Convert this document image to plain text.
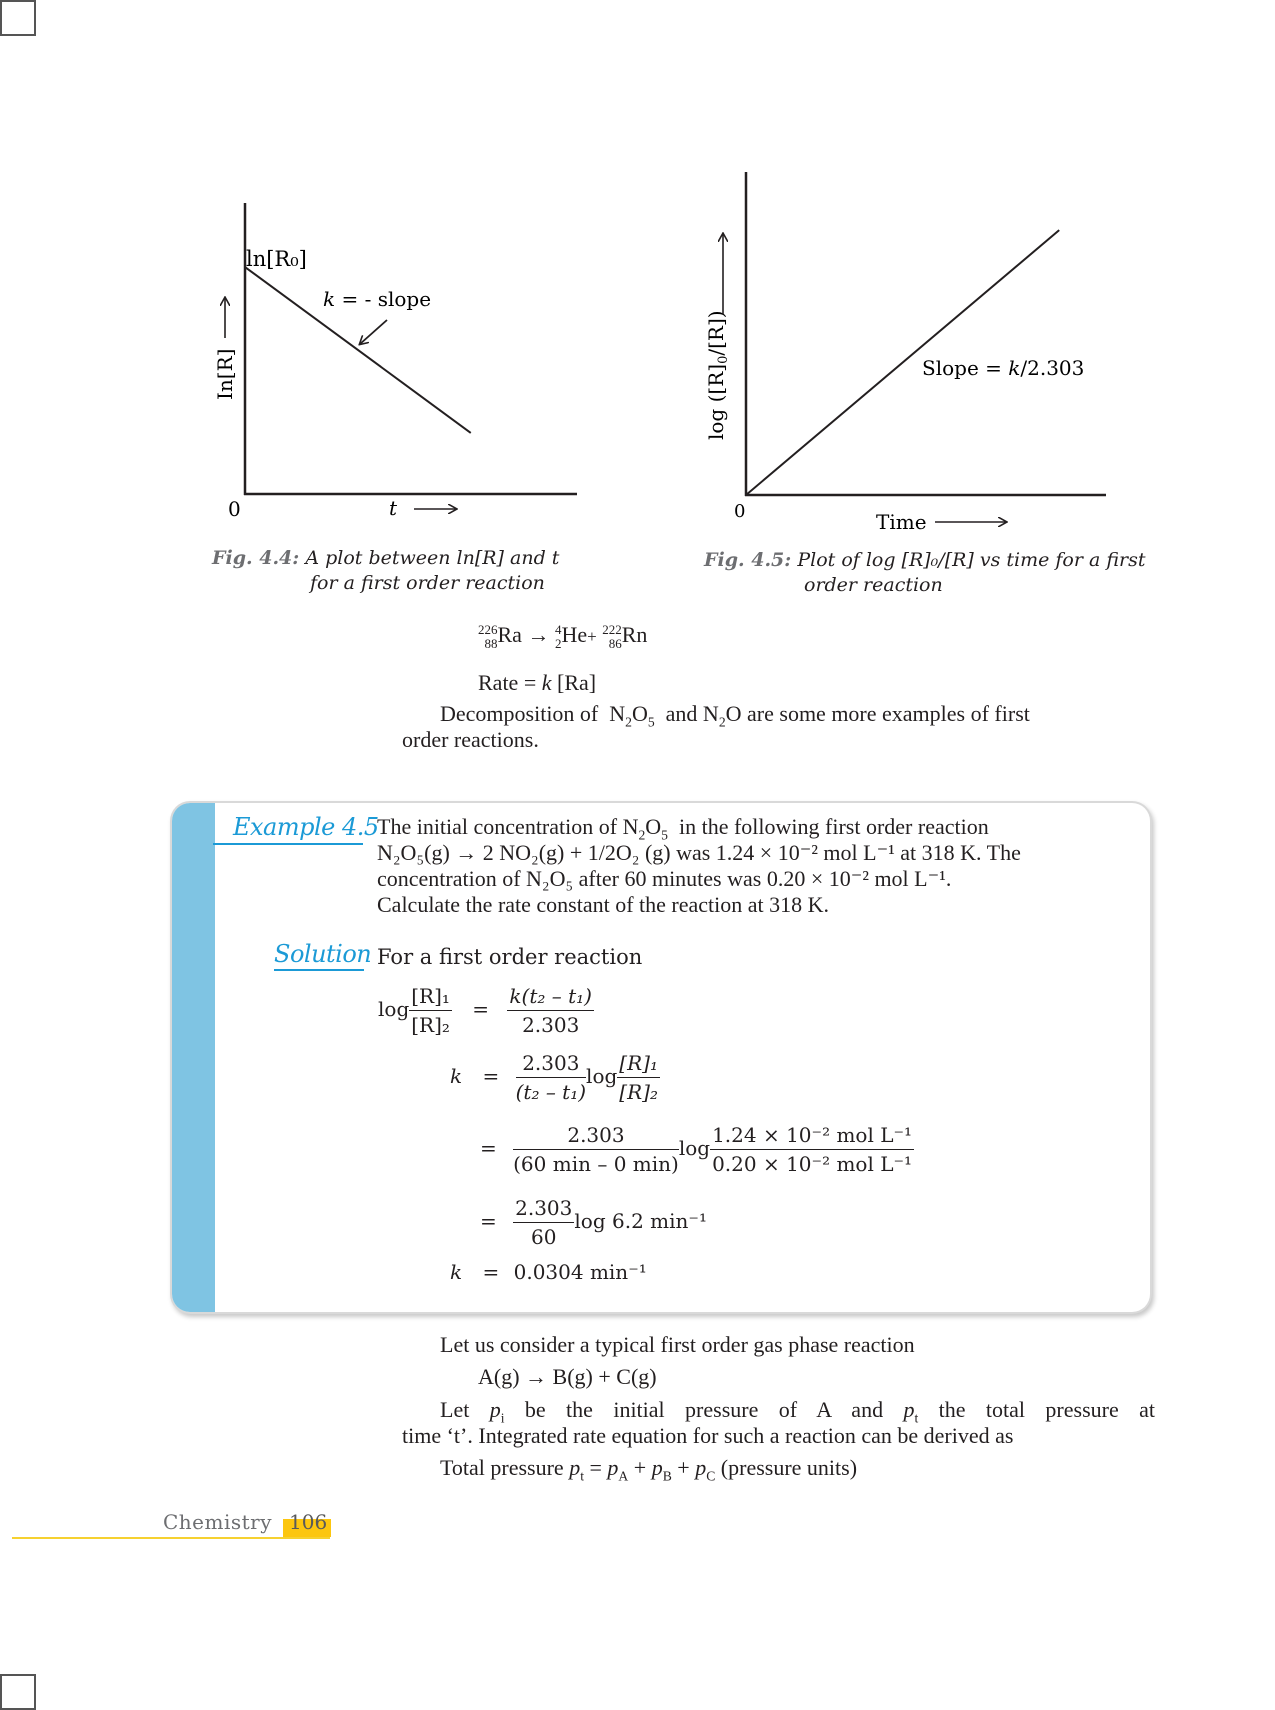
ln[R₀]
k = - slope
In[R]
0	t
Slope = k/2.303
$\log ([R]_0/[R])$
0	Time
Fig. 4.4: A plot between ln[R] and t
for a first order reaction
Fig. 4.5: Plot of log [R]₀/[R] vs time for a first
order reaction
226
88Ra → 4
2He+ 222
86Rn
Rate = k [Ra]
Decomposition of $N_2O_5$ and $N_2O$ are some more examples of first
order reactions.
Example 4.5
The initial concentration of $N_2O_5$ in the following first order reaction
N₂O₅(g) → 2 NO₂(g) + 1/2O₂ (g) was 1.24 × 10⁻² mol L⁻¹ at 318 K. The
concentration of N₂O₅ after 60 minutes was 0.20 × 10⁻² mol L⁻¹.
Calculate the rate constant of the reaction at 318 K.
Solution For a first order reaction
$\log \frac{\text{[R]₁}}{\text{[R]₂}} = \frac{\text{k(t₂ – t₁)}}{2.303}$
$k = \frac{2.303}{\text{(t₂ – t₁)}}$ $\log \frac{\text{[R]₁}}{\text{[R]₂}}$
= $\frac{2.303}{(60 \min - 0 \min)}$ $\log \frac{\text{1.24 × 10⁻² mol L⁻¹}}{\text{0.20 × 10⁻² mol L⁻¹}}$
= $\frac{2.303}{60}$ log 6.2 min⁻¹
k = 0.0304 min⁻¹
Let us consider a typical first order gas phase reaction
A(g) → B(g) + C(g)
Let $p_i$ be the initial pressure of A and $p_t$ the total pressure at
time ‘t’. Integrated rate equation for such a reaction can be derived as
Total pressure $p_t = p_A + p_B + p_C$ (pressure units)
Chemistry 106
